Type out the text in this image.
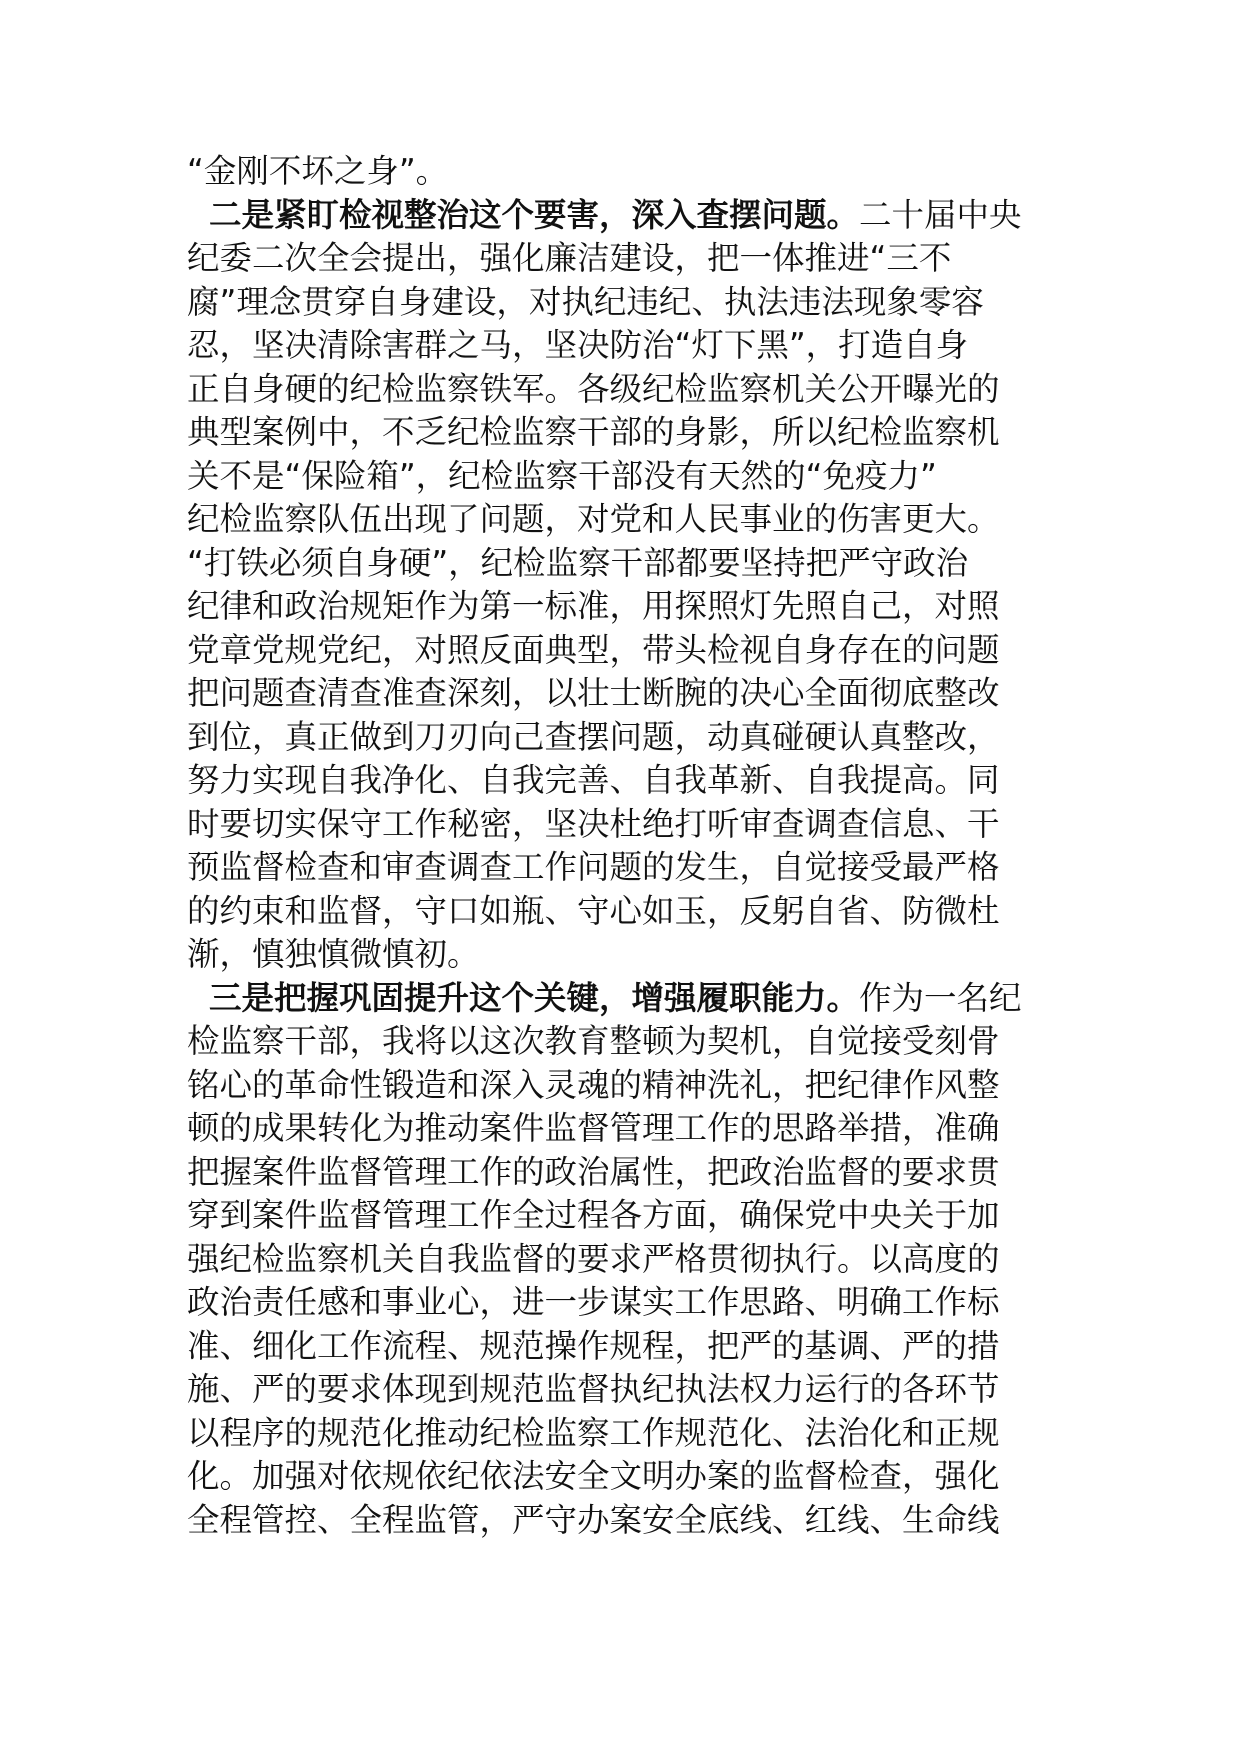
“金刚不坏之身”。
二是紧盯检视整治这个要害，深入查摆问题。二十届中央
纪委二次全会提出，强化廉洁建设，把一体推进“三不
腐”理念贯穿自身建设，对执纪违纪、执法违法现象零容
忍，坚决清除害群之马，坚决防治“灯下黑”，打造自身
正自身硬的纪检监察铁军。各级纪检监察机关公开曝光的
典型案例中，不乏纪检监察干部的身影，所以纪检监察机
关不是“保险箱”，纪检监察干部没有天然的“免疫力”
纪检监察队伍出现了问题，对党和人民事业的伤害更大。
“打铁必须自身硬”，纪检监察干部都要坚持把严守政治
纪律和政治规矩作为第一标准，用探照灯先照自己，对照
党章党规党纪，对照反面典型，带头检视自身存在的问题
把问题查清查准查深刻，以壮士断腕的决心全面彻底整改
到位，真正做到刀刃向己查摆问题，动真碰硬认真整改，
努力实现自我净化、自我完善、自我革新、自我提高。同
时要切实保守工作秘密，坚决杜绝打听审查调查信息、干
预监督检查和审查调查工作问题的发生，自觉接受最严格
的约束和监督，守口如瓶、守心如玉，反躬自省、防微杜
渐，慎独慎微慎初。
三是把握巩固提升这个关键，增强履职能力。作为一名纪
检监察干部，我将以这次教育整顿为契机，自觉接受刻骨
铭心的革命性锻造和深入灵魂的精神洗礼，把纪律作风整
顿的成果转化为推动案件监督管理工作的思路举措，准确
把握案件监督管理工作的政治属性，把政治监督的要求贯
穿到案件监督管理工作全过程各方面，确保党中央关于加
强纪检监察机关自我监督的要求严格贯彻执行。以高度的
政治责任感和事业心，进一步谋实工作思路、明确工作标
准、细化工作流程、规范操作规程，把严的基调、严的措
施、严的要求体现到规范监督执纪执法权力运行的各环节
以程序的规范化推动纪检监察工作规范化、法治化和正规
化。加强对依规依纪依法安全文明办案的监督检查，强化
全程管控、全程监管，严守办案安全底线、红线、生命线
